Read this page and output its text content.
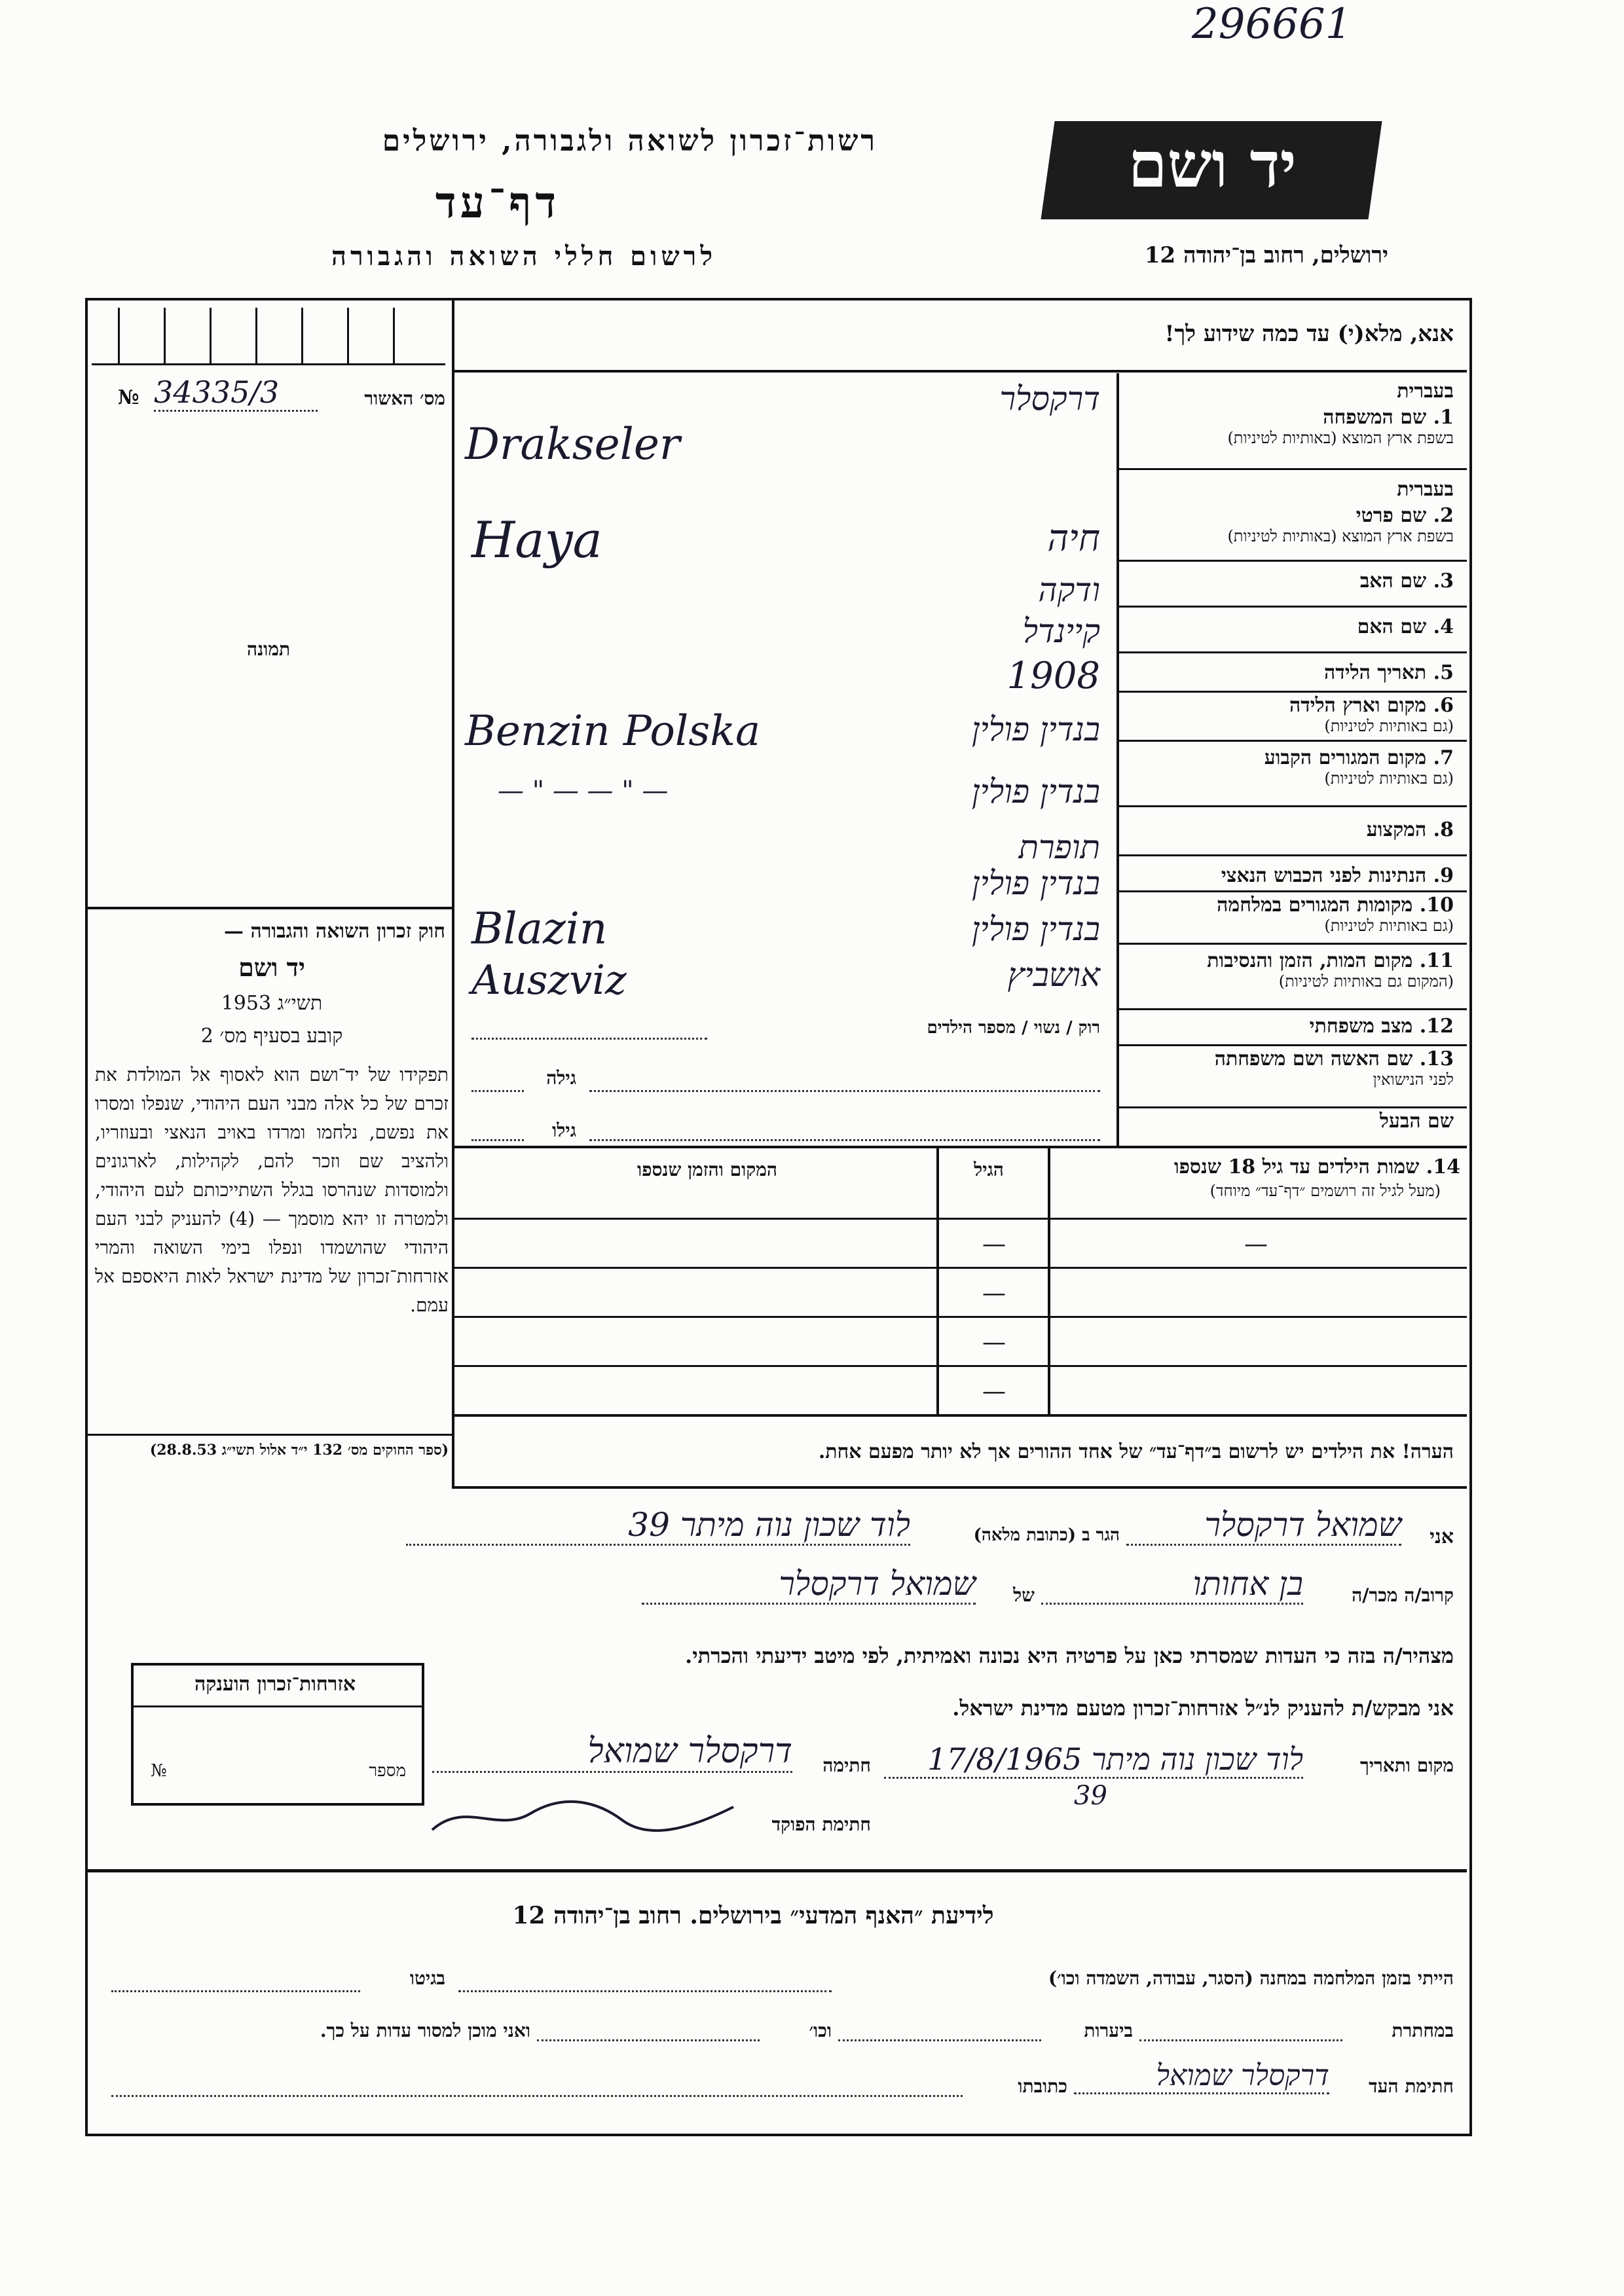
296661
רשות־זכרון לשואה ולגבורה, ירושלים
דף־עד
לרשום חללי השואה והגבורה
יד ושם
ירושלים, רחוב בן־יהודה 12
אנא, מלא(י) עד כמה שידוע לך!
№ 34335/3	מס׳ האשור
תמונה
חוק זכרון השואה והגבורה —
יד ושם
תשי״ג 1953
קובע בסעיף מס׳ 2
תפקידו של יד־ושם הוא לאסוף אל המולדת את זכרם של כל אלה מבני העם היהודי, שנפלו ומסרו את נפשם, נלחמו ומרדו באויב הנאצי ובעוזריו, ולהציב שם וזכר להם, לקהילות, לארגונים ולמוסדות שנהרסו בגלל השתייכותם לעם היהודי, ולמטרה זו יהא מוסמך — (4) להעניק לבני העם היהודי שהושמדו ונפלו בימי השואה והמרי אזרחות־זכרון של מדינת ישראל לאות היאספם אל עמם.
(ספר החוקים מס׳ 132 י״ד אלול תשי״ג 28.8.53)
בעברית
1. שם המשפחה
בשפת ארץ המוצא (באותיות לטיניות)
בעברית
2. שם פרטי
בשפת ארץ המוצא (באותיות לטיניות)
3. שם האב
4. שם האם
5. תאריך הלידה
6. מקום וארץ הלידה
(גם באותיות לטיניות)
7. מקום המגורים הקבוע
(גם באותיות לטיניות)
8. המקצוע
9. הנתינות לפני הכבוש הנאצי
10. מקומות המגורים במלחמה
(גם באותיות לטיניות)
11. מקום המות, הזמן והנסיבות
(המקום גם באותיות לטיניות)
12. מצב משפחתי
13. שם האשה ושם משפחתה
לפני הנישואין
שם הבעל
דרקסלר
Drakseler
חיה
Haya
ודקה
קיינדל
1908
בנדין פולין
Benzin Polska
בנדין פולין
— " — — " —
תופרת
בנדין פולין
בנדין פולין
Blazin
אושביץ
Auszviz
רוק / נשוי / מספר הילדים
גילה
גילו
14. שמות הילדים עד גיל 18 שנספו
(מעל לגיל זה רושמים ״דף־עד״ מיוחד)
הגיל
המקום והזמן שנספו
—
—
—
—
—
הערה! את הילדים יש לרשום ב״דף־עד״ של אחד ההורים אך לא יותר מפעם אחת.
אני
שמואל דרקסלר
הגר ב (כתובת מלאה)
לוד שכון נוה מיתר 39
קרוב/ה מכר/ה
בן אחותו
של
שמואל דרקסלר
מצהיר/ה בזה כי העדות שמסרתי כאן על פרטיה היא נכונה ואמיתית, לפי מיטב ידיעתי והכרתי.
אני מבקש/ת להעניק לנ״ל אזרחות־זכרון מטעם מדינת ישראל.
מקום ותאריך
לוד שכון נוה מיתר 17/8/1965
39
חתימה
דרקסלר שמואל
חתימת הפוקד
אזרחות־זכרון הוענקה
מספר
№
לידיעת ״האנף המדעי״ בירושלים. רחוב בן־יהודה 12
הייתי בזמן המלחמה במחנה (הסגר, עבודה, השמדה וכו׳)
בגיטו
במחתרת
ביערות
וכו׳
ואני מוכן למסור עדות על כך.
חתימת העד
דרקסלר שמואל
כתובתו
